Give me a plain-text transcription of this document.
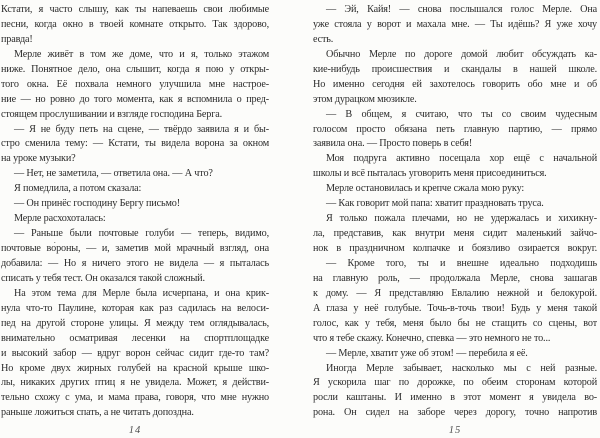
Кстати, я часто слышу, как ты напеваешь свои любимые
песни, когда окно в твоей комнате открыто. Так здорово,
правда!
Мерле живёт в том же доме, что и я, только этажом
ниже. Понятное дело, она слышит, когда я пою у откры-
того окна. Её похвала немного улучшила мне настрое-
ние — но ровно до того момента, как я вспомнила о пред-
стоящем прослушивании и взгляде господина Берга.
— Я не буду петь на сцене, — твёрдо заявила я и бы-
стро сменила тему: — Кстати, ты видела ворона за окном
на уроке музыки?
— Нет, не заметила, — ответила она. — А что?
Я помедлила, а потом сказала:
— Он принёс господину Бергу письмо!
Мерле расхохоталась:
— Раньше были почтовые голуби — теперь, видимо,
почтовые во́роны, — и, заметив мой мрачный взгляд, она
добавила: — Но я ничего этого не видела — я пыталась
списать у тебя тест. Он оказался такой сложный.
На этом тема для Мерле была исчерпана, и она крик-
нула что-то Паулине, которая как раз садилась на велоси-
пед на другой стороне улицы. Я между тем оглядывалась,
внимательно осматривая лесенки на спортплощадке
и высокий забор — вдруг ворон сейчас сидит где-то там?
Но кроме двух жирных голубей на красной крыше шко-
лы, никаких других птиц я не увидела. Может, я действи-
тельно схожу с ума, и мама права, говоря, что мне нужно
раньше ложиться спать, а не читать допоздна.
14
— Эй, Кайя! — снова послышался голос Мерле. Она
уже стояла у ворот и махала мне. — Ты идёшь? Я уже хочу
есть.
Обычно Мерле по дороге домой любит обсуждать ка-
кие-нибудь происшествия и скандалы в нашей школе.
Но именно сегодня ей захотелось говорить обо мне и об
этом дурацком мюзикле.
— В общем, я считаю, что ты со своим чудесным
голосом просто обязана петь главную партию, — прямо
заявила она. — Просто поверь в себя!
Моя подруга активно посещала хор ещё с начальной
школы и всё пыталась уговорить меня присоединиться.
Мерле остановилась и крепче сжала мою руку:
— Как говорит мой папа: хватит праздновать труса.
Я только пожала плечами, но не удержалась и хихикну-
ла, представив, как внутри меня сидит маленький зайчо-
нок в праздничном колпачке и боязливо озирается вокруг.
— Кроме того, ты и внешне идеально подходишь
на главную роль, — продолжала Мерле, снова зашагав
к дому. — Я представляю Евлалию нежной и белокурой.
А глаза у неё голубые. Точь-в-точь твои! Будь у меня такой
голос, как у тебя, меня было бы не стащить со сцены, вот
что я тебе скажу. Конечно, спевка — это немного не то...
— Мерле, хватит уже об этом! — перебила я её.
Иногда Мерле забывает, насколько мы с ней разные.
Я ускорила шаг по дорожке, по обеим сторонам которой
росли каштаны. И именно в этот момент я увидела во-
рона. Он сидел на заборе через дорогу, точно напротив
15
